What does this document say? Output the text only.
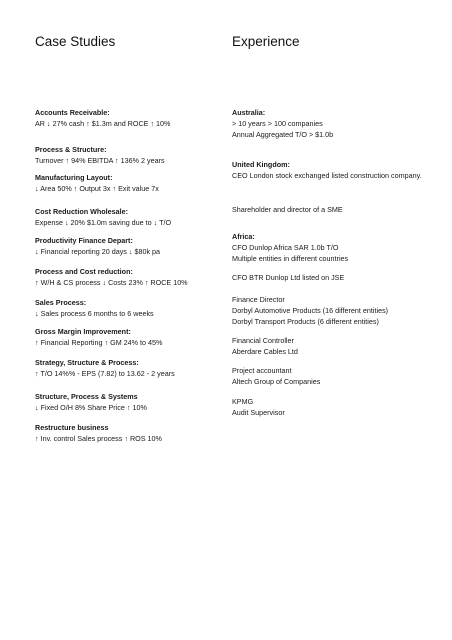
Case Studies
Accounts Receivable:
AR ↓ 27% cash ↑ $1.3m and ROCE ↑ 10%
Process & Structure:
Turnover ↑ 94% EBITDA ↑ 136% 2 years
Manufacturing Layout:
↓ Area 50% ↑ Output 3x ↑ Exit value 7x
Cost Reduction Wholesale:
Expense ↓ 20% $1.0m saving due to ↓ T/O
Productivity Finance Depart:
↓ Financial reporting 20 days ↓ $80k pa
Process and Cost reduction:
↑ W/H & CS process ↓ Costs 23% ↑ ROCE 10%
Sales Process:
↓ Sales process 6 months to 6 weeks
Gross Margin Improvement:
↑ Financial Reporting ↑ GM 24% to 45%
Strategy, Structure & Process:
↑ T/O 14%% - EPS (7.82) to 13.62 - 2 years
Structure, Process & Systems
↓ Fixed O/H 8% Share Price ↑ 10%
Restructure business
↑ Inv. control Sales process ↑ ROS 10%
Experience
Australia:
> 10 years > 100 companies
Annual Aggregated T/O > $1.0b
United Kingdom:
CEO London stock exchanged listed construction company.
Shareholder and director of a SME
Africa:
CFO Dunlop Africa SAR 1.0b T/O
Multiple entities in different countries
CFO BTR Dunlop Ltd listed on JSE
Finance Director
Dorbyl Automotive Products (16 different entities)
Dorbyl Transport Products (6 different entities)
Financial Controller
Aberdare Cables Ltd
Project accountant
Altech Group of Companies
KPMG
Audit Supervisor
